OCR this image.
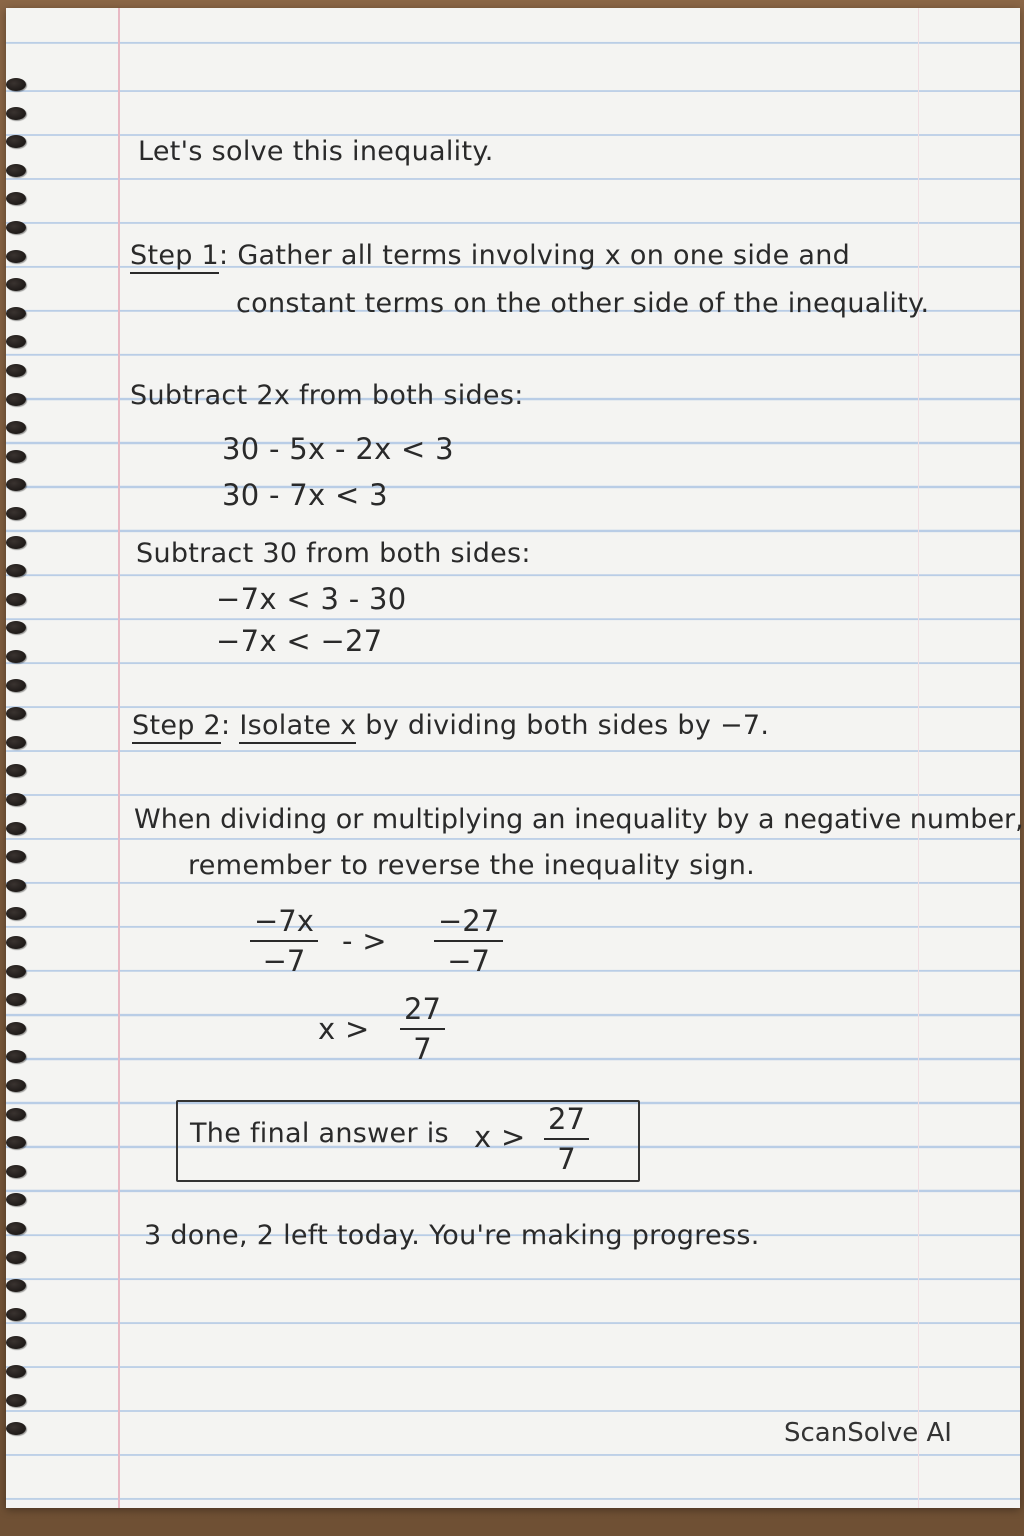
Let's solve this inequality.
Step 1: Gather all terms involving x on one side and
constant terms on the other side of the inequality.
Subtract 2x from both sides:
30 - 5x - 2x < 3
30 - 7x < 3
Subtract 30 from both sides:
−7x < 3 - 30
−7x < −27
Step 2: Isolate x by dividing both sides by −7.
When dividing or multiplying an inequality by a negative number,
remember to reverse the inequality sign.
−7x
−7
- >
−27
−7
x >
27
7
The final answer is x >
27
7
3 done, 2 left today. You're making progress.
ScanSolve AI
